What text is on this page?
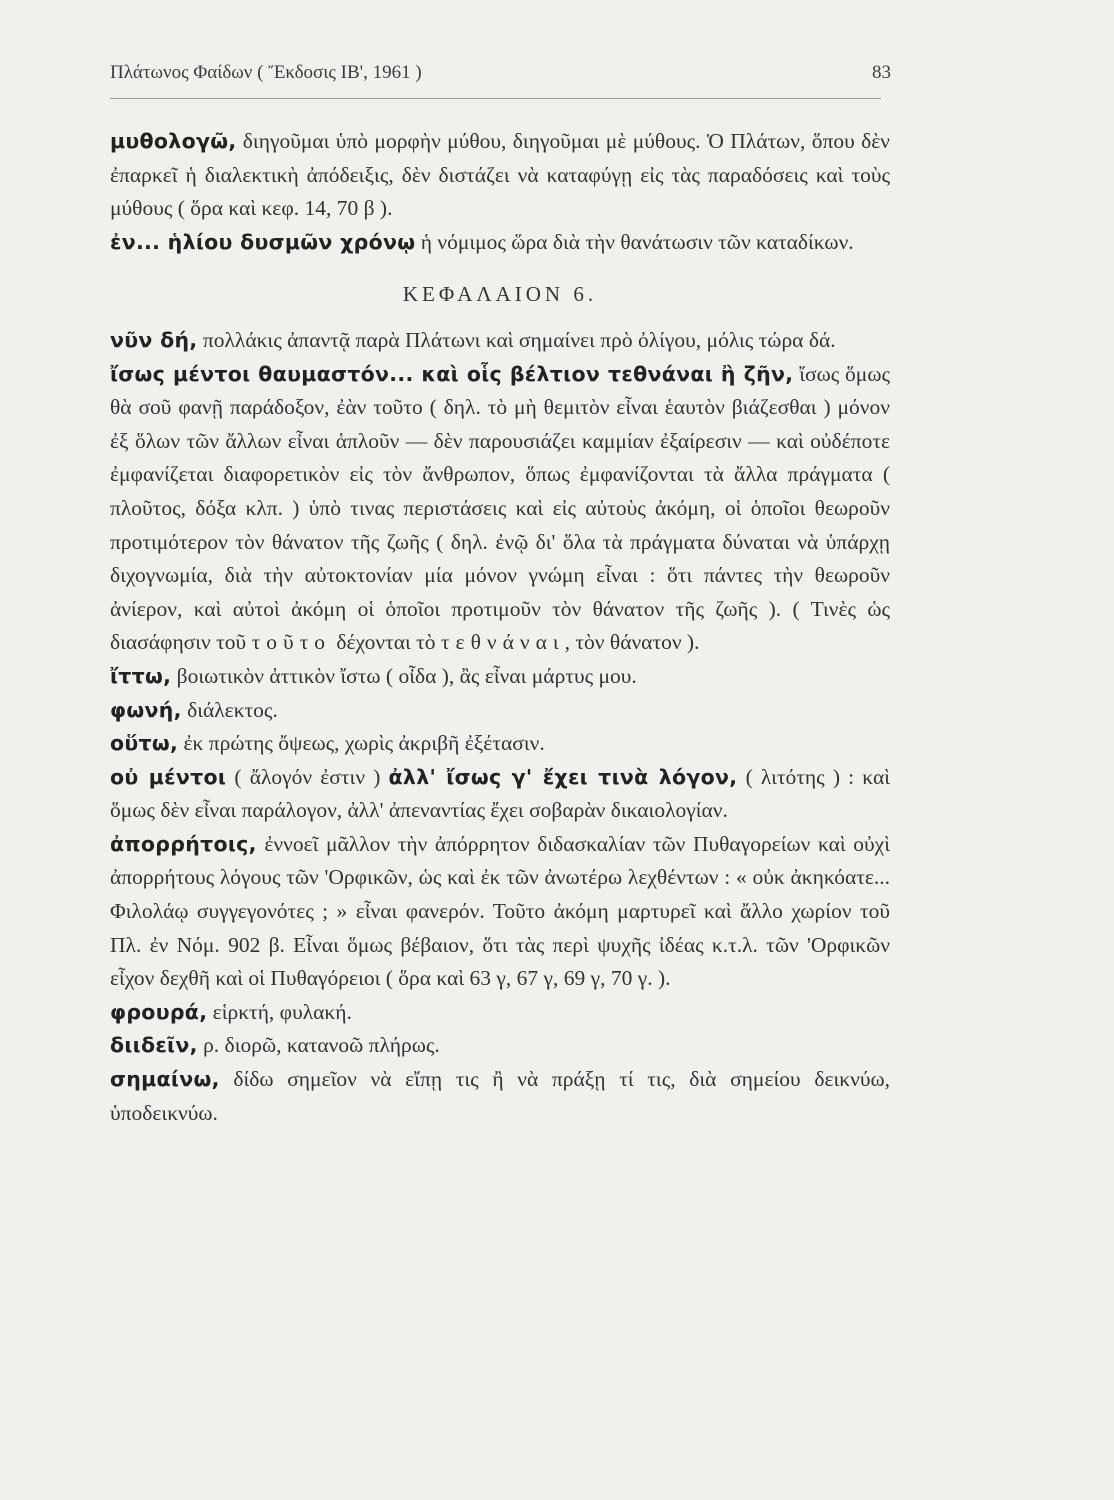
Πλάτωνος Φαίδων ( Ἔκδοσις ΙΒ', 1961 )	83

μυθολογῶ, διηγοῦμαι ὑπὸ μορφὴν μύθου, διηγοῦμαι μὲ μύθους. Ὁ Πλάτων, ὅπου δὲν ἐπαρκεῖ ἡ διαλεκτικὴ ἀπόδειξις, δὲν διστάζει νὰ καταφύγῃ εἰς τὰς παραδόσεις καὶ τοὺς μύθους ( ὅρα καὶ κεφ. 14, 70 β ).

ἐν... ἡλίου δυσμῶν χρόνῳ ἡ νόμιμος ὥρα διὰ τὴν θανάτωσιν τῶν καταδίκων.

ΚΕΦΑΛΑΙΟΝ 6.

νῦν δή, πολλάκις ἀπαντᾷ παρὰ Πλάτωνι καὶ σημαίνει πρὸ ὀλίγου, μόλις τώρα δά.

ἴσως μέντοι θαυμαστόν... καὶ οἷς βέλτιον τεθνάναι ἢ ζῆν, ἴσως ὅμως θὰ σοῦ φανῇ παράδοξον, ἐὰν τοῦτο ( δηλ. τὸ μὴ θεμιτὸν εἶναι ἑαυτὸν βιάζεσθαι ) μόνον ἐξ ὅλων τῶν ἄλλων εἶναι ἁπλοῦν — δὲν παρουσιάζει καμμίαν ἐξαίρεσιν — καὶ οὐδέποτε ἐμφανίζεται διαφορετικὸν εἰς τὸν ἄνθρωπον, ὅπως ἐμφανίζονται τὰ ἄλλα πράγματα ( πλοῦτος, δόξα κλπ. ) ὑπὸ τινας περιστάσεις καὶ εἰς αὐτοὺς ἀκόμη, οἱ ὁποῖοι θεωροῦν προτιμότερον τὸν θάνατον τῆς ζωῆς ( δηλ. ἐνῷ δι' ὅλα τὰ πράγματα δύναται νὰ ὑπάρχῃ διχογνωμία, διὰ τὴν αὐτοκτονίαν μία μόνον γνώμη εἶναι : ὅτι πάντες τὴν θεωροῦν ἀνίερον, καὶ αὐτοὶ ἀκόμη οἱ ὁποῖοι προτιμοῦν τὸν θάνατον τῆς ζωῆς ). ( Τινὲς ὡς διασάφησιν τοῦ τοῦτο δέχονται τὸ τεθνάναι, τὸν θάνατον ).

ἴττω, βοιωτικὸν ἀττικὸν ἴστω ( οἶδα ), ἂς εἶναι μάρτυς μου.

φωνή, διάλεκτος.

οὕτω, ἐκ πρώτης ὄψεως, χωρὶς ἀκριβῆ ἐξέτασιν.

οὐ μέντοι ( ἄλογόν ἐστιν ) ἀλλ' ἴσως γ' ἔχει τινὰ λόγον, ( λιτότης ) : καὶ ὅμως δὲν εἶναι παράλογον, ἀλλ' ἀπεναντίας ἔχει σοβαρὰν δικαιολογίαν.

ἀπορρήτοις, ἐννοεῖ μᾶλλον τὴν ἀπόρρητον διδασκαλίαν τῶν Πυθαγορείων καὶ οὐχὶ ἀπορρήτους λόγους τῶν 'Ορφικῶν, ὡς καὶ ἐκ τῶν ἀνωτέρω λεχθέντων : « οὐκ ἀκηκόατε... Φιλολάῳ συγγεγονότες ; » εἶναι φανερόν. Τοῦτο ἀκόμη μαρτυρεῖ καὶ ἄλλο χωρίον τοῦ Πλ. ἐν Νόμ. 902 β. Εἶναι ὅμως βέβαιον, ὅτι τὰς περὶ ψυχῆς ἰδέας κ.τ.λ. τῶν 'Ορφικῶν εἶχον δεχθῆ καὶ οἱ Πυθαγόρειοι ( ὅρα καὶ 63 γ, 67 γ, 69 γ, 70 γ. ).

φρουρά, εἱρκτή, φυλακή.

διιδεῖν, ρ. διορῶ, κατανοῶ πλήρως.

σημαίνω, δίδω σημεῖον νὰ εἴπῃ τις ἢ νὰ πράξῃ τί τις, διὰ σημείου δεικνύω, ὑποδεικνύω.
